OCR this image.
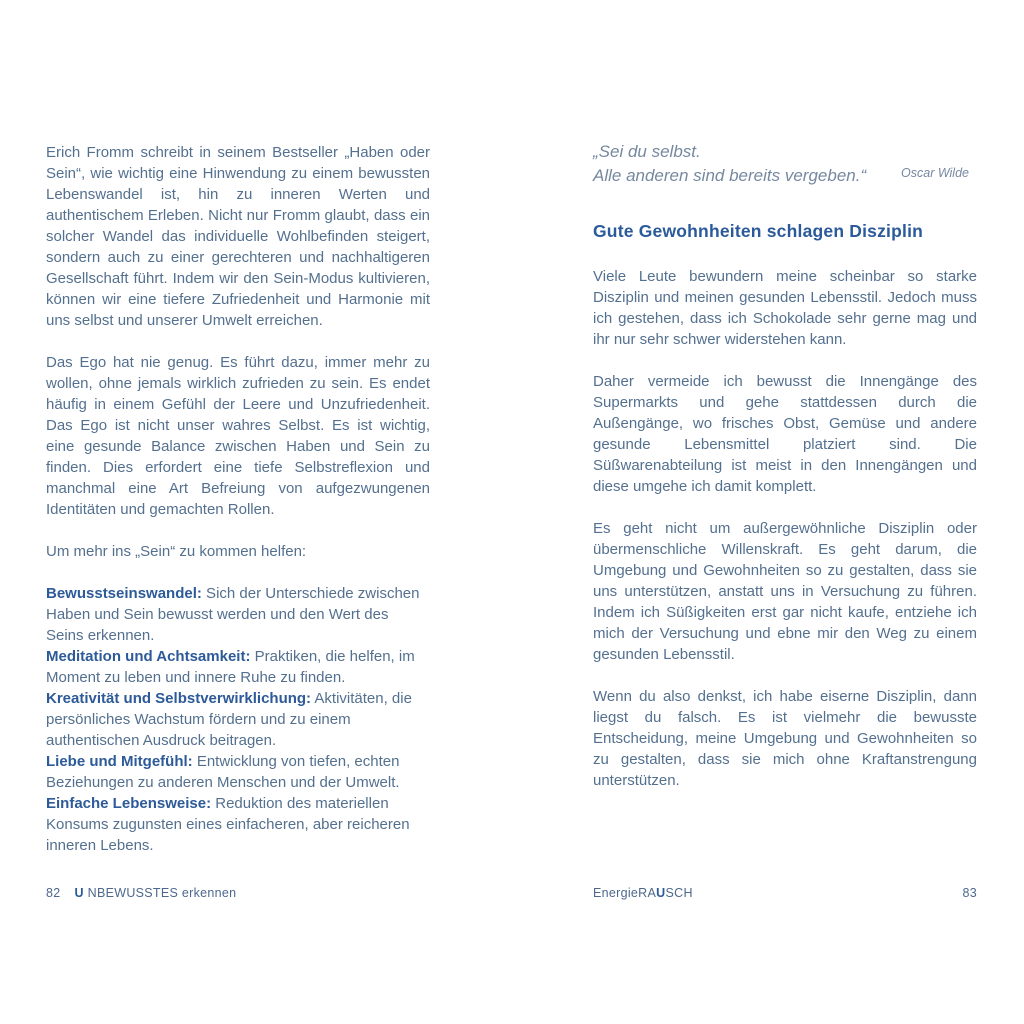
Erich Fromm schreibt in seinem Bestseller „Haben oder Sein“, wie wichtig eine Hinwendung zu einem bewussten Lebenswandel ist, hin zu inneren Werten und authentischem Erleben. Nicht nur Fromm glaubt, dass ein solcher Wandel das individuelle Wohlbefinden steigert, sondern auch zu einer gerechteren und nachhaltigeren Gesellschaft führt. Indem wir den Sein-Modus kultivieren, können wir eine tiefere Zufriedenheit und Harmonie mit uns selbst und unserer Umwelt erreichen.

Das Ego hat nie genug. Es führt dazu, immer mehr zu wollen, ohne jemals wirklich zufrieden zu sein. Es endet häufig in einem Gefühl der Leere und Unzufriedenheit. Das Ego ist nicht unser wahres Selbst. Es ist wichtig, eine gesunde Balance zwischen Haben und Sein zu finden. Dies erfordert eine tiefe Selbstreflexion und manchmal eine Art Befreiung von aufgezwungenen Identitäten und gemachten Rollen.

Um mehr ins „Sein“ zu kommen helfen:

Bewusstseinswandel: Sich der Unterschiede zwischen Haben und Sein bewusst werden und den Wert des Seins erkennen.

Meditation und Achtsamkeit: Praktiken, die helfen, im Moment zu leben und innere Ruhe zu finden.

Kreativität und Selbstverwirklichung: Aktivitäten, die persönliches Wachstum fördern und zu einem authentischen Ausdruck beitragen.

Liebe und Mitgefühl: Entwicklung von tiefen, echten Beziehungen zu anderen Menschen und der Umwelt.

Einfache Lebensweise: Reduktion des materiellen Konsums zugunsten eines einfacheren, aber reicheren inneren Lebens.

82 U NBEWUSSTES erkennen
„Sei du selbst.
Alle anderen sind bereits vergeben.“	Oscar Wilde
Gute Gewohnheiten schlagen Disziplin

Viele Leute bewundern meine scheinbar so starke Disziplin und meinen gesunden Lebensstil. Jedoch muss ich gestehen, dass ich Schokolade sehr gerne mag und ihr nur sehr schwer widerstehen kann.

Daher vermeide ich bewusst die Innengänge des Supermarkts und gehe stattdessen durch die Außengänge, wo frisches Obst, Gemüse und andere gesunde Lebensmittel platziert sind. Die Süßwarenabteilung ist meist in den Innengängen und diese umgehe ich damit komplett.

Es geht nicht um außergewöhnliche Disziplin oder übermenschliche Willenskraft. Es geht darum, die Umgebung und Gewohnheiten so zu gestalten, dass sie uns unterstützen, anstatt uns in Versuchung zu führen. Indem ich Süßigkeiten erst gar nicht kaufe, entziehe ich mich der Versuchung und ebne mir den Weg zu einem gesunden Lebensstil.

Wenn du also denkst, ich habe eiserne Disziplin, dann liegst du falsch. Es ist vielmehr die bewusste Entscheidung, meine Umgebung und Gewohnheiten so zu gestalten, dass sie mich ohne Kraftanstrengung unterstützen.

EnergieRAUSCH	83
